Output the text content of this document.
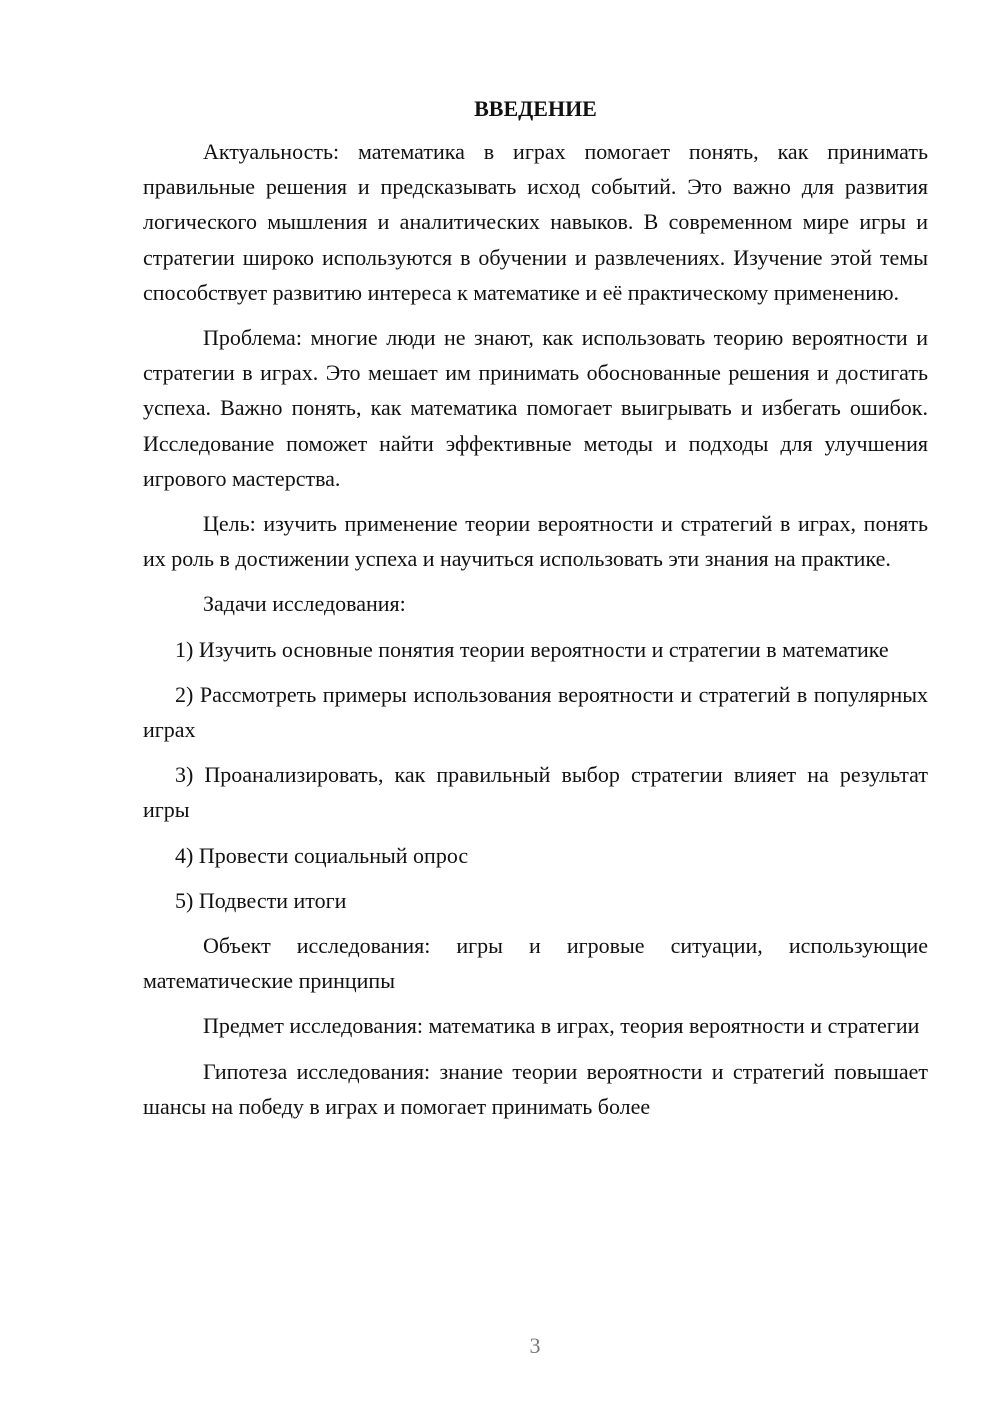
ВВЕДЕНИЕ

Актуальность: математика в играх помогает понять, как принимать правильные решения и предсказывать исход событий. Это важно для развития логического мышления и аналитических навыков. В современном мире игры и стратегии широко используются в обучении и развлечениях. Изучение этой темы способствует развитию интереса к математике и её практическому применению.

Проблема: многие люди не знают, как использовать теорию вероятности и стратегии в играх. Это мешает им принимать обоснованные решения и достигать успеха. Важно понять, как математика помогает выигрывать и избегать ошибок. Исследование поможет найти эффективные методы и подходы для улучшения игрового мастерства.

Цель: изучить применение теории вероятности и стратегий в играх, понять их роль в достижении успеха и научиться использовать эти знания на практике.

Задачи исследования:

1) Изучить основные понятия теории вероятности и стратегии в математике

2) Рассмотреть примеры использования вероятности и стратегий в популярных играх

3) Проанализировать, как правильный выбор стратегии влияет на результат игры

4) Провести социальный опрос

5) Подвести итоги

Объект исследования: игры и игровые ситуации, использующие математические принципы

Предмет исследования: математика в играх, теория вероятности и стратегии

Гипотеза исследования: знание теории вероятности и стратегий повышает шансы на победу в играх и помогает принимать более

3
